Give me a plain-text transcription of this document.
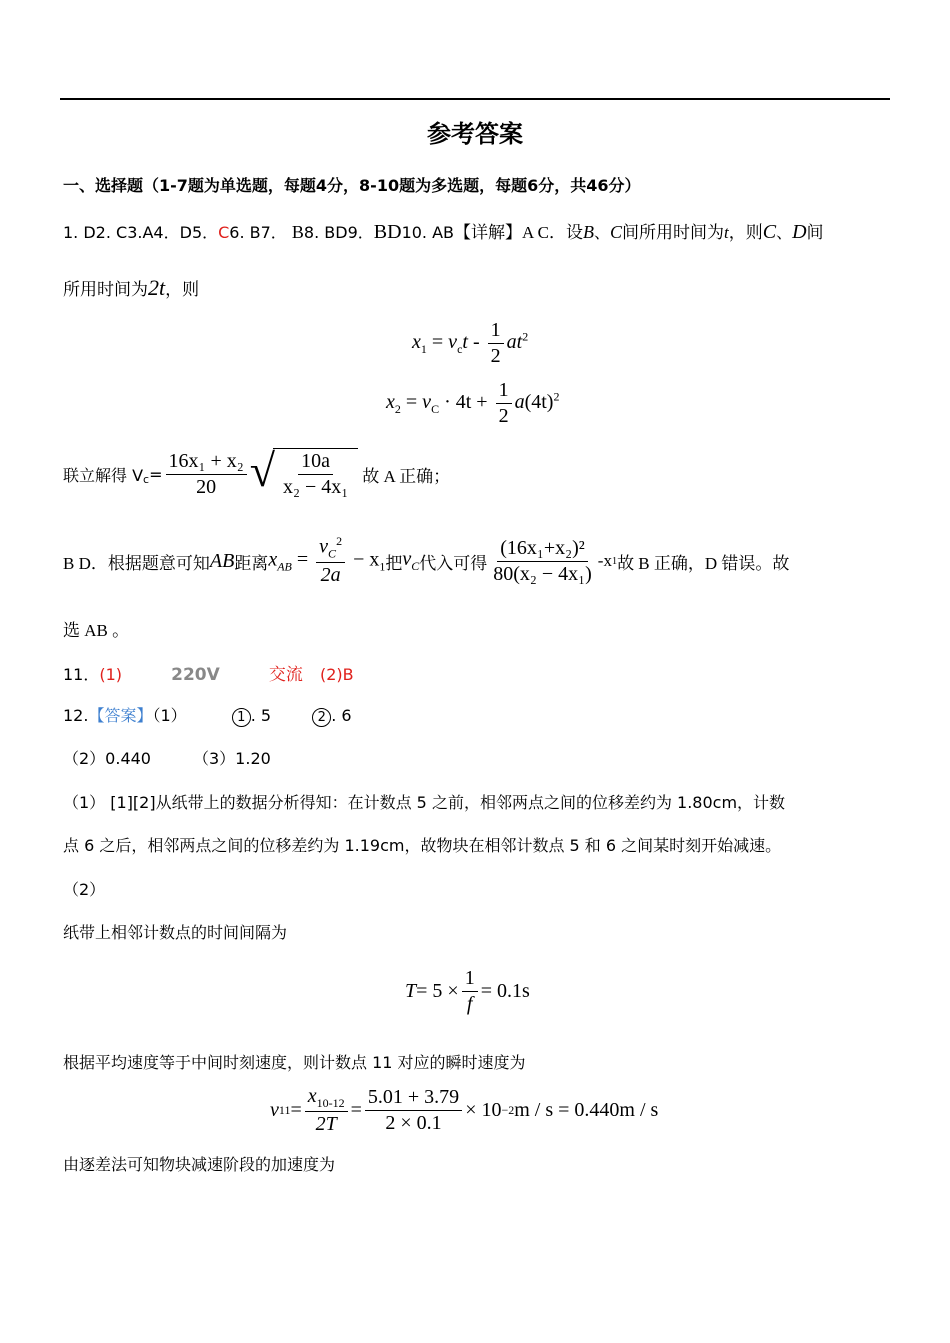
参考答案
一、选择题（1-7题为单选题，每题4分，8-10题为多选题，每题6分，共46分）
1. D2. C3.A4．D5．C6. B7． B8. BD9．BD10. AB【详解】A C．设B、C间所用时间为t，则C、D间
所用时间为2t，则
$x_1 = v_ct - \frac{1}{2} at^2$
$x_2 = v_C \cdot 4t + \frac{1}{2} a(4t)^2$
联立解得 $V_c = \frac{\text{16x₁ + x₂}}{20}$ √ $\frac{10a}{\text{x₂ − 4x₁}}$ 故 A 正确；
B D．根据题意可知 AB 距离 $x_{AB} = \frac{v_C^2}{2a} - x_1$ 把 $v_C$ 代入可得 $\frac{\text{(16x₁+x₂)²}}{\text{80(x₂ − 4x₁)}} -x$ 1 故 B 正确，D 错误。故
选 AB 。
11．(1)	220V	交流 (2)B
12.【答案】（1）	1 . 5	2 . 6
（2）0.440	（3）1.20
（1） [1][2]从纸带上的数据分析得知：在计数点 5 之前，相邻两点之间的位移差约为 1.80cm，计数
点 6 之后，相邻两点之间的位移差约为 1.19cm，故物块在相邻计数点 5 和 6 之间某时刻开始减速。
（2）
纸带上相邻计数点的时间间隔为
$T = 5 \times \frac{1}{f} = 0.1s$
根据平均速度等于中间时刻速度，则计数点 11 对应的瞬时速度为
v $11 = \frac{x_{10-12}}{2T} = \frac{5.01 + 3.79}{2 \times 0.1} \times 10 -2$ m / s = 0.440m / s
由逐差法可知物块减速阶段的加速度为
